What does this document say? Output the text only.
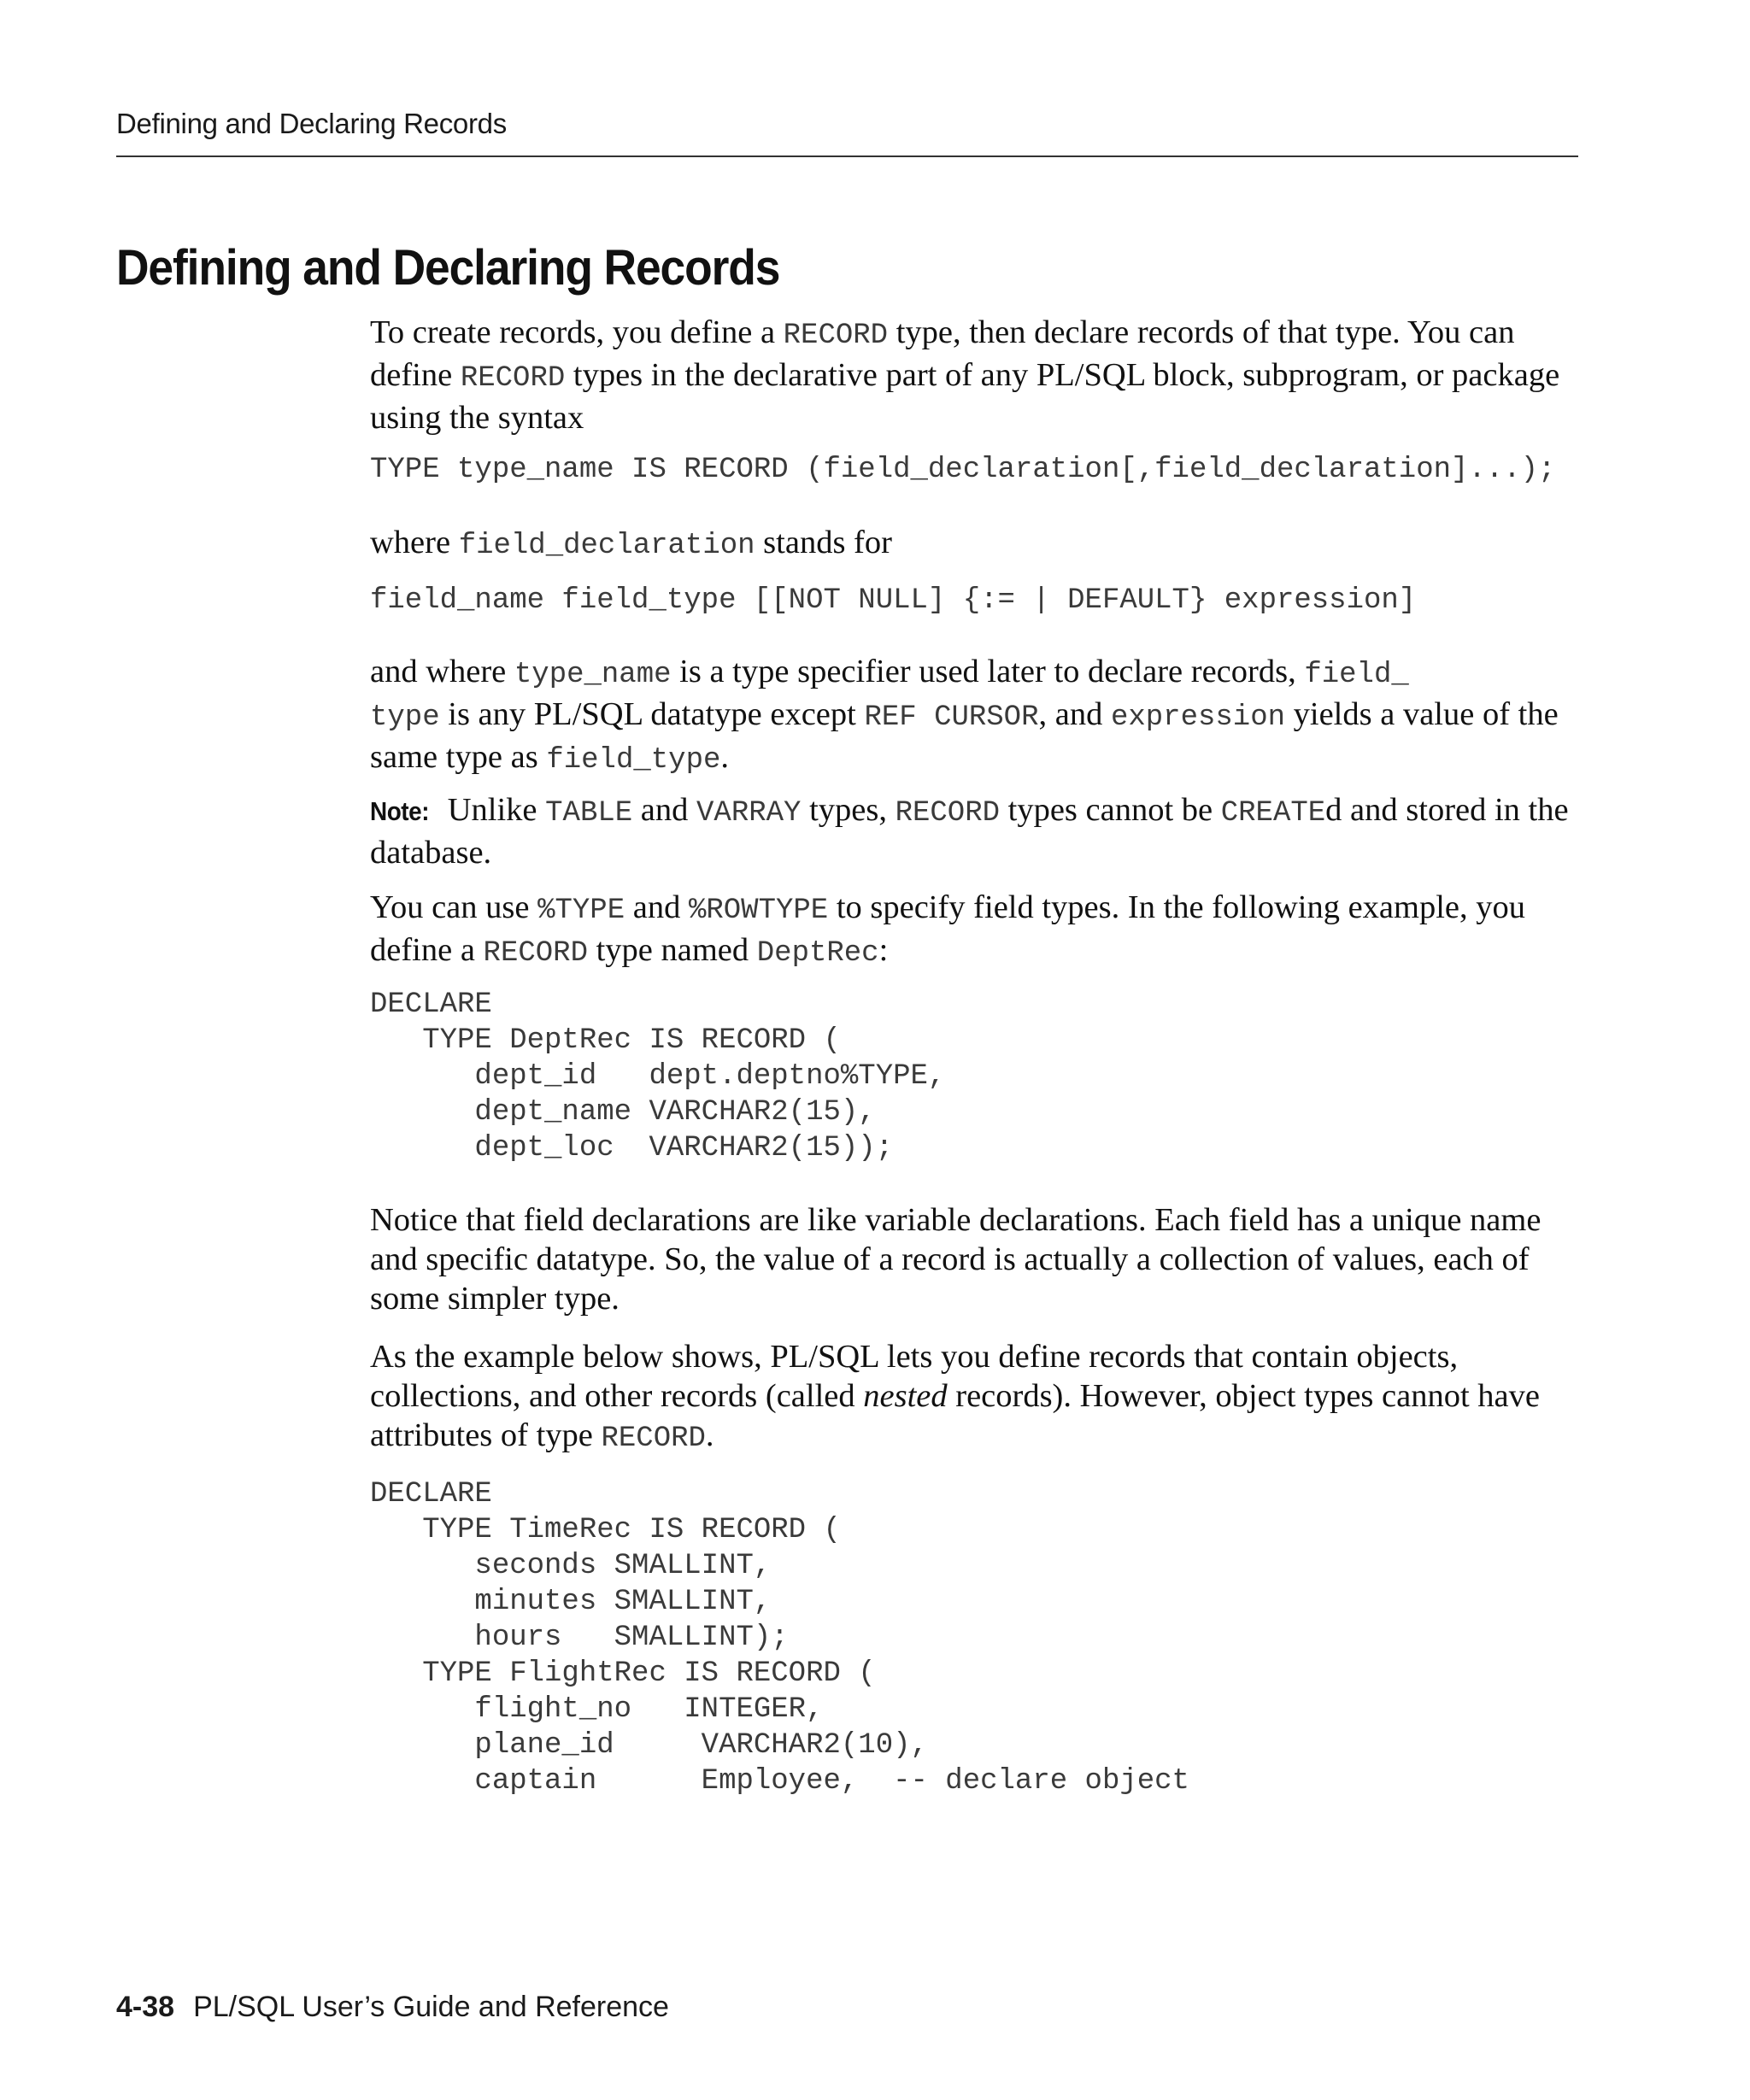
Defining and Declaring Records
Defining and Declaring Records

To create records, you define a RECORD type, then declare records of that type. You can define RECORD types in the declarative part of any PL/SQL block, subprogram, or package using the syntax

TYPE type_name IS RECORD (field_declaration[,field_declaration]...);

where field_declaration stands for

field_name field_type [[NOT NULL] {:= | DEFAULT} expression]

and where type_name is a type specifier used later to declare records, field_
type is any PL/SQL datatype except REF CURSOR, and expression yields a value of the same type as field_type.

Note: Unlike TABLE and VARRAY types, RECORD types cannot be CREATEd and stored in the database.

You can use %TYPE and %ROWTYPE to specify field types. In the following example, you define a RECORD type named DeptRec:

DECLARE
TYPE DeptRec IS RECORD (
dept_id   dept.deptno%TYPE,
dept_name VARCHAR2(15),
dept_loc  VARCHAR2(15));

Notice that field declarations are like variable declarations. Each field has a unique name and specific datatype. So, the value of a record is actually a collection of values, each of some simpler type.

As the example below shows, PL/SQL lets you define records that contain objects, collections, and other records (called nested records). However, object types cannot have attributes of type RECORD.

DECLARE
TYPE TimeRec IS RECORD (
seconds SMALLINT,
minutes SMALLINT,
hours   SMALLINT);
TYPE FlightRec IS RECORD (
flight_no   INTEGER,
plane_id     VARCHAR2(10),
captain      Employee,  -- declare object
4-38 PL/SQL User’s Guide and Reference
